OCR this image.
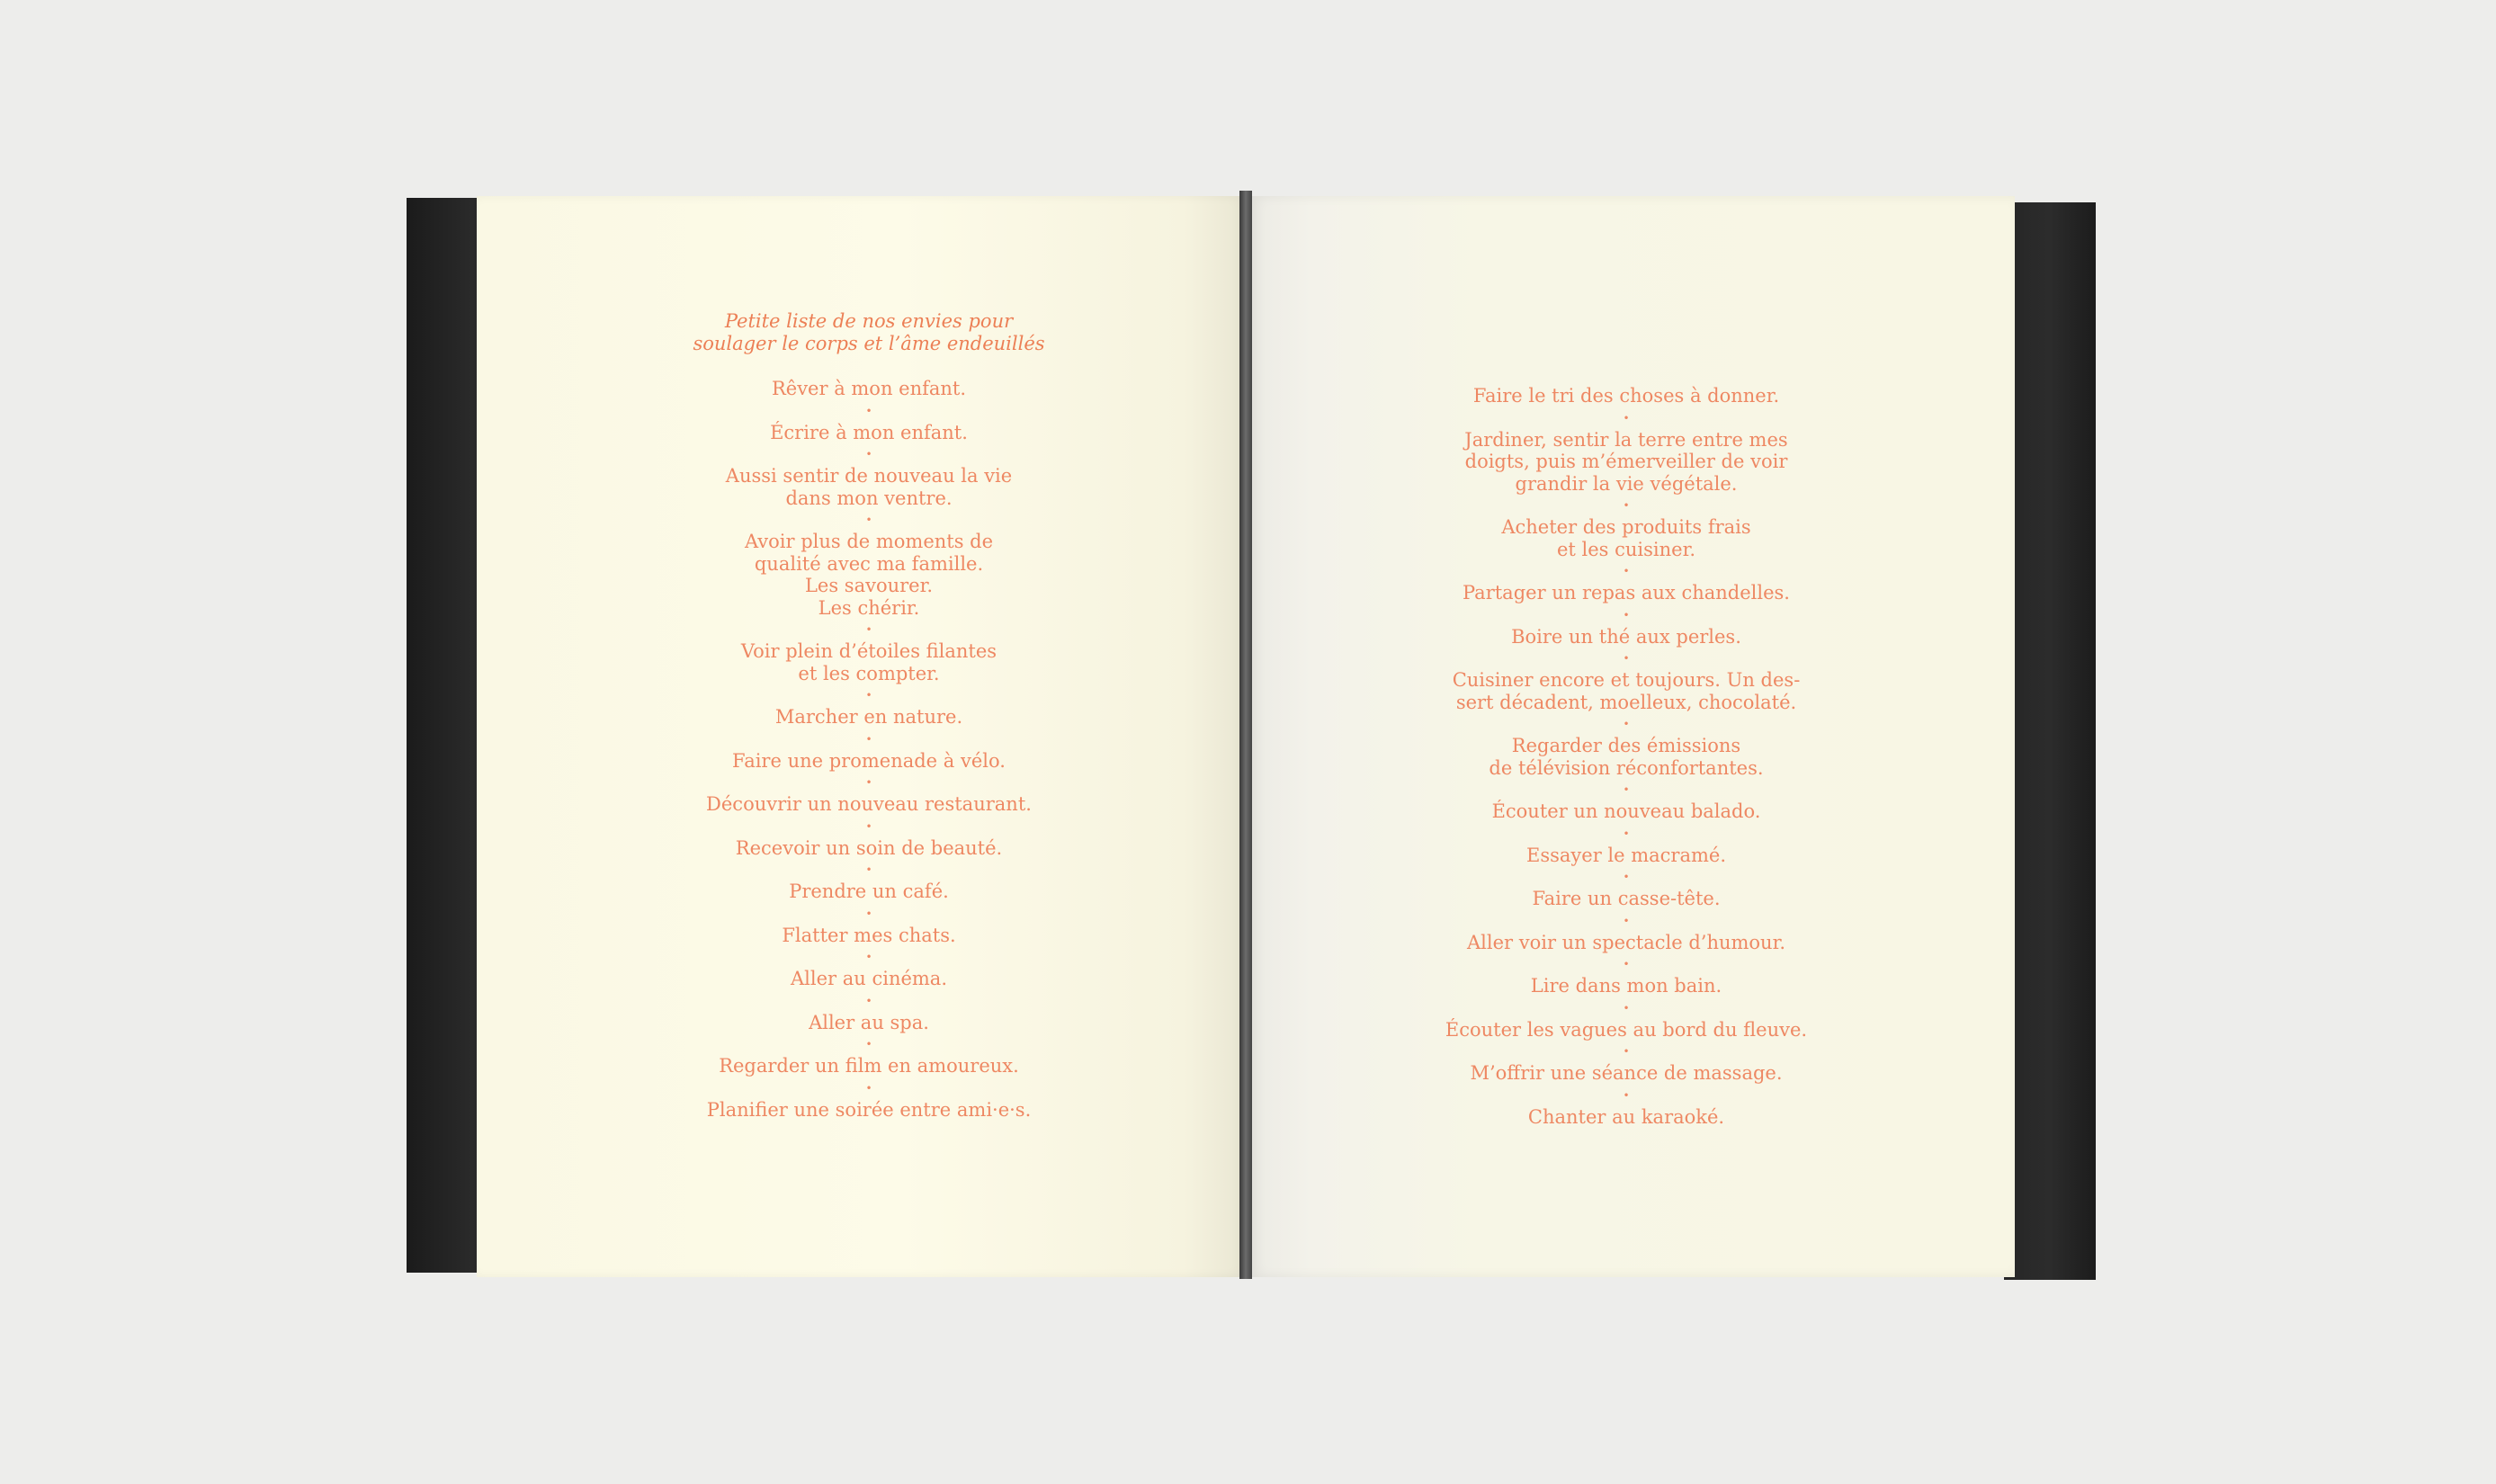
Petite liste de nos envies pour
soulager le corps et l’âme endeuillés
Rêver à mon enfant.
•
Écrire à mon enfant.
•
Aussi sentir de nouveau la vie
dans mon ventre.
•
Avoir plus de moments de
qualité avec ma famille.
Les savourer.
Les chérir.
•
Voir plein d’étoiles filantes
et les compter.
•
Marcher en nature.
•
Faire une promenade à vélo.
•
Découvrir un nouveau restaurant.
•
Recevoir un soin de beauté.
•
Prendre un café.
•
Flatter mes chats.
•
Aller au cinéma.
•
Aller au spa.
•
Regarder un film en amoureux.
•
Planifier une soirée entre ami·e·s.
Faire le tri des choses à donner.
•
Jardiner, sentir la terre entre mes
doigts, puis m’émerveiller de voir
grandir la vie végétale.
•
Acheter des produits frais
et les cuisiner.
•
Partager un repas aux chandelles.
•
Boire un thé aux perles.
•
Cuisiner encore et toujours. Un des-
sert décadent, moelleux, chocolaté.
•
Regarder des émissions
de télévision réconfortantes.
•
Écouter un nouveau balado.
•
Essayer le macramé.
•
Faire un casse-tête.
•
Aller voir un spectacle d’humour.
•
Lire dans mon bain.
•
Écouter les vagues au bord du fleuve.
•
M’offrir une séance de massage.
•
Chanter au karaoké.
